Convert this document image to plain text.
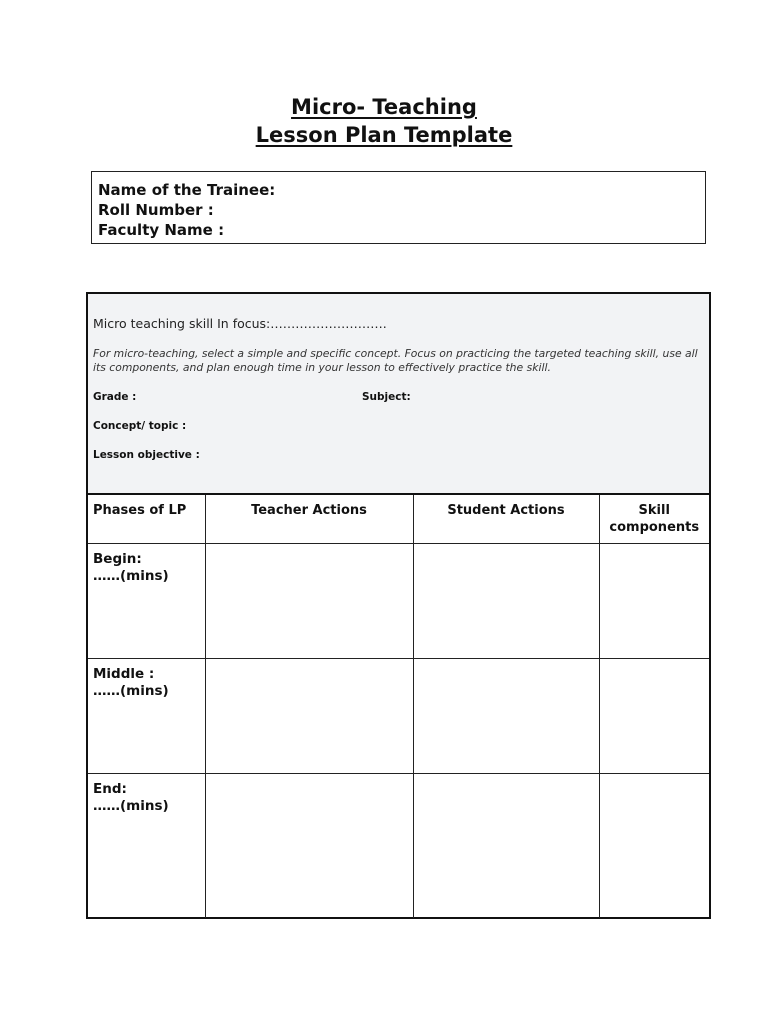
Micro- Teaching
Lesson Plan Template
Name of the Trainee:
Roll Number :
Faculty Name :
Micro teaching skill In focus:……………………….
For micro-teaching, select a simple and specific concept. Focus on practicing the targeted teaching skill, use all its components, and plan enough time in your lesson to effectively practice the skill.
Grade :	Subject:
Concept/ topic :
Lesson objective :
Phases of LP	Teacher Actions	Student Actions	Skill components

Begin:
……(mins)			

Middle :
……(mins)			

End:
……(mins)			
